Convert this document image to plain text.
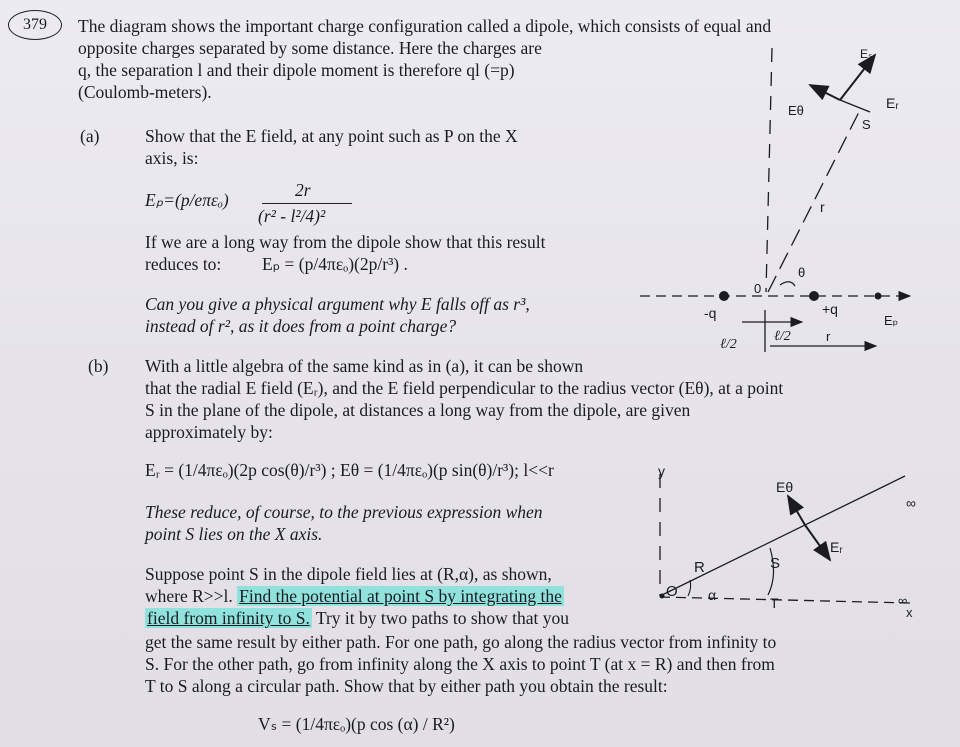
379	The diagram shows the important charge configuration called a dipole, which consists of equal and
opposite charges separated by some distance. Here the charges are
q, the separation l and their dipole moment is therefore ql (=p)
(Coulomb-meters).
(a)	Show that the E field, at any point such as P on the X
axis, is:
Eₚ=(p/eπεₒ)	2r
(r² - l²/4)²
If we are a long way from the dipole show that this result
reduces to: Eₚ = (p/4πεₒ)(2p/r³) .
Can you give a physical argument why E falls off as r³,
instead of r², as it does from a point charge?
(b) With a little algebra of the same kind as in (a), it can be shown
that the radial E field (Eᵣ), and the E field perpendicular to the radius vector (Eθ), at a point
S in the plane of the dipole, at distances a long way from the dipole, are given
approximately by:
Eᵣ = (1/4πεₒ)(2p cos(θ)/r³) ; Eθ = (1/4πεₒ)(p sin(θ)/r³); l<<r
These reduce, of course, to the previous expression when
point S lies on the X axis.
Suppose point S in the dipole field lies at (R,α), as shown,
where R>>l. Find the potential at point S by integrating the
field from infinity to S. Try it by two paths to show that you
get the same result by either path. For one path, go along the radius vector from infinity to
S. For the other path, go from infinity along the X axis to point T (at x = R) and then from
T to S along a circular path. Show that by either path you obtain the result:
Vₛ = (1/4πεₒ)(p cos (α) / R²)
Eₛ
Eθ	Eᵣ
S
r
θ
0
-q	+q
Eₚ
ℓ/2
ℓ/2	r
y
Eθ
∞
Eᵣ
R	S
O α	T	∞
x
